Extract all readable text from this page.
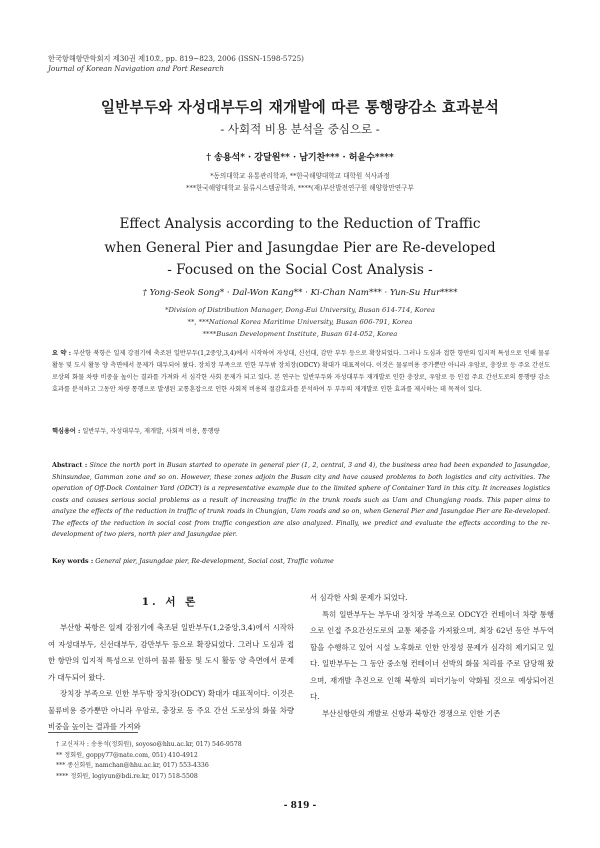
한국항해항만학회지 제30권 제10호, pp. 819~823, 2006 (ISSN-1598-5725)
Journal of Korean Navigation and Port Research
일반부두와 자성대부두의 재개발에 따른 통행량감소 효과분석
- 사회적 비용 분석을 중심으로 -
† 송용석* · 강달원** · 남기찬*** · 허윤수****
*동의대학교 유통관리학과, **한국해양대학교 대학원 석사과정
***한국해양대학교 물류시스템공학과, ****(재)부산발전연구원 해양항만연구부
Effect Analysis according to the Reduction of Traffic
when General Pier and Jasungdae Pier are Re-developed
- Focused on the Social Cost Analysis -
† Yong-Seok Song* · Dal-Won Kang** · Ki-Chan Nam*** · Yun-Su Hur****
*Division of Distribution Manager, Dong-Eui University, Busan 614-714, Korea
**, ***National Korea Maritime University, Busan 606-791, Korea
****Busan Development Institute, Busan 614-052, Korea
요 약 : 부산항 북항은 일제 강점기에 축조된 일반부두(1,2중앙,3,4)에서 시작하여 자성대, 신선대, 감만 부두 등으로 확장되었다. 그러나 도심과 접한 항만의 입지적 특성으로 인해 물류 활동 및 도시 활동 양 측면에서 문제가 대두되어 왔다. 장치장 부족으로 인한 부두밖 장치장(ODCY) 확대가 대표적이다. 이것은 물류비용 증가뿐만 아니라 우암로, 충장로 등 주요 간선도로상의 화물 차량 비중을 높이는 결과를 가져와 서 심각한 사회 문제가 되고 있다. 본 연구는 일반부두와 자성대부두 재개발로 인한 충장로, 우암로 등 인접 주요 간선도로의 통행량 감소 효과를 분석하고 그동안 차량 통행으로 발생된 교통혼잡으로 인한 사회적 비용의 절감효과를 분석하여 두 부두의 재개발로 인한 효과를 제시하는 데 목적이 있다.
핵심용어 : 일반부두, 자성대부두, 재개발, 사회적 비용, 통행량
Abstract : Since the north port in Busan started to operate in general pier (1, 2, central, 3 and 4), the business area had been expanded to Jasungdae, Shinsundae, Gamman zone and so on. However, these zones adjoin the Busan city and have caused problems to both logistics and city activities. The operation of Off-Dock Container Yard (ODCY) is a representative example due to the limited sphere of Container Yard in this city. It increases logistics costs and causes serious social problems as a result of increasing traffic in the trunk roads such as Uam and Chungjang roads. This paper aims to analyze the effects of the reduction in traffic of trunk roads in Chungjan, Uam roads and so on, when General Pier and Jasungdae Pier are Re-developed. The effects of the reduction in social cost from traffic congestion are also analyzed. Finally, we predict and evaluate the effects according to the re-development of two piers, north pier and Jasungdae pier.
Key words : General pier, Jasungdae pier, Re-development, Social cost, Traffic volume
1. 서 론

부산항 북항은 일제 강점기에 축조된 일반부두(1,2중앙,3,4)에서 시작하여 자성대부두, 신선대부두, 감만부두 등으로 확장되었다. 그러나 도심과 접한 항만의 입지적 특성으로 인하여 물류 활동 및 도시 활동 양 측면에서 문제가 대두되어 왔다.

장치장 부족으로 인한 부두밖 장치장(ODCY) 확대가 대표적이다. 이것은 물류비용 증가뿐만 아니라 우암로, 충장로 등 주요 간선 도로상의 화물 차량 비중을 높이는 결과를 가져와

서 심각한 사회 문제가 되었다.

특히 일반부두는 부두내 장치장 부족으로 ODCY간 컨테이너 차량 통행으로 인접 주요간선도로의 교통 체증을 가져왔으며, 최장 62년 동안 부두역할을 수행하고 있어 시설 노후화로 인한 안정성 문제가 심각히 제기되고 있다. 일반부두는 그 동안 중소형 컨테이너 선박의 화물 처리를 주로 담당해 왔으며, 재개발 추진으로 인해 북항의 피더기능이 약화될 것으로 예상되어진다.

부산신항만의 개발로 신항과 북항간 경쟁으로 인한 기존

† 교신저자 : 송용석(정회원), soyoso@hhu.ac.kr, 017) 546-9578
** 정회원, goppy77@nate.com, 051) 410-4912
*** 종신회원, namchan@hhu.ac.kr, 017) 553-4336
**** 정회원, logiyun@bdi.re.kr, 017) 518-5508
- 819 -
